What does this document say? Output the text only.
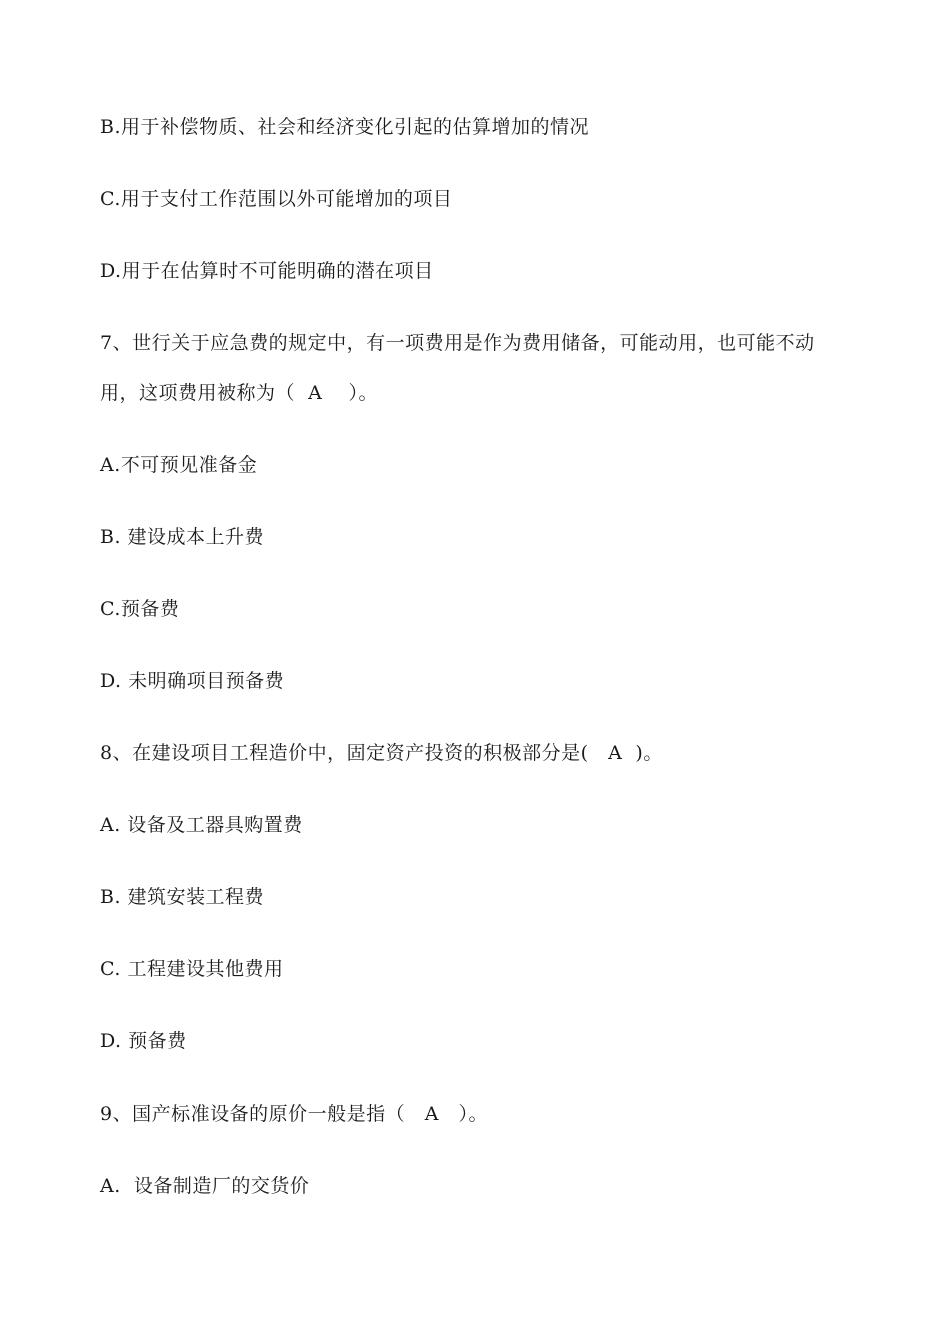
B.用于补偿物质、社会和经济变化引起的估算增加的情况
C.用于支付工作范围以外可能增加的项目
D.用于在估算时不可能明确的潜在项目
7、世行关于应急费的规定中，有一项费用是作为费用储备，可能动用，也可能不动
用，这项费用被称为（  A    ）。
A.不可预见准备金
B. 建设成本上升费
C.预备费
D. 未明确项目预备费
8、在建设项目工程造价中，固定资产投资的积极部分是(   A  )。
A. 设备及工器具购置费
B. 建筑安装工程费
C. 工程建设其他费用
D. 预备费
9、国产标准设备的原价一般是指（   A   ）。
A.  设备制造厂的交货价
